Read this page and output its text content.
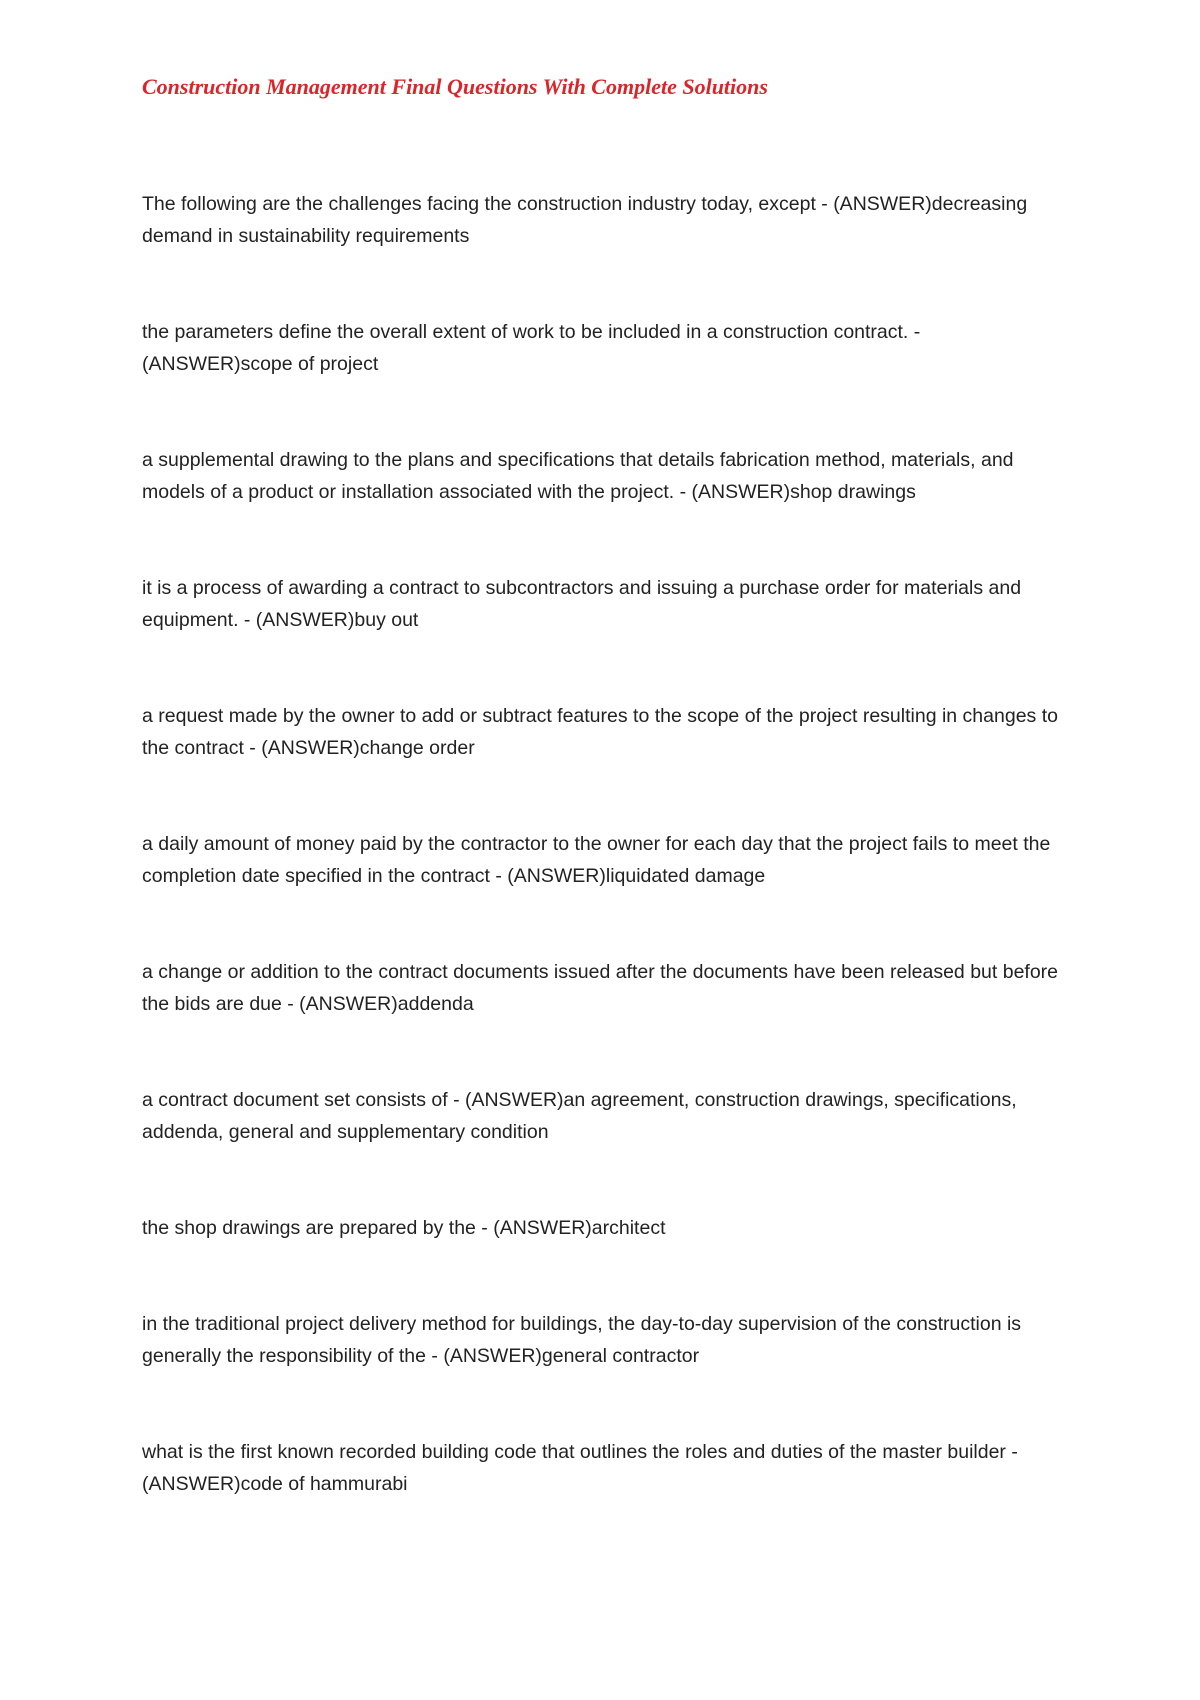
Construction Management Final Questions With Complete Solutions
The following are the challenges facing the construction industry today, except - (ANSWER)decreasing demand in sustainability requirements
the parameters define the overall extent of work to be included in a construction contract. - (ANSWER)scope of project
a supplemental drawing to the plans and specifications that details fabrication method, materials, and models of a product or installation associated with the project. - (ANSWER)shop drawings
it is a process of awarding a contract to subcontractors and issuing a purchase order for materials and equipment. - (ANSWER)buy out
a request made by the owner to add or subtract features to the scope of the project resulting in changes to the contract - (ANSWER)change order
a daily amount of money paid by the contractor to the owner for each day that the project fails to meet the completion date specified in the contract - (ANSWER)liquidated damage
a change or addition to the contract documents issued after the documents have been released but before the bids are due - (ANSWER)addenda
a contract document set consists of - (ANSWER)an agreement, construction drawings, specifications, addenda, general and supplementary condition
the shop drawings are prepared by the - (ANSWER)architect
in the traditional project delivery method for buildings, the day-to-day supervision of the construction is generally the responsibility of the - (ANSWER)general contractor
what is the first known recorded building code that outlines the roles and duties of the master builder - (ANSWER)code of hammurabi
